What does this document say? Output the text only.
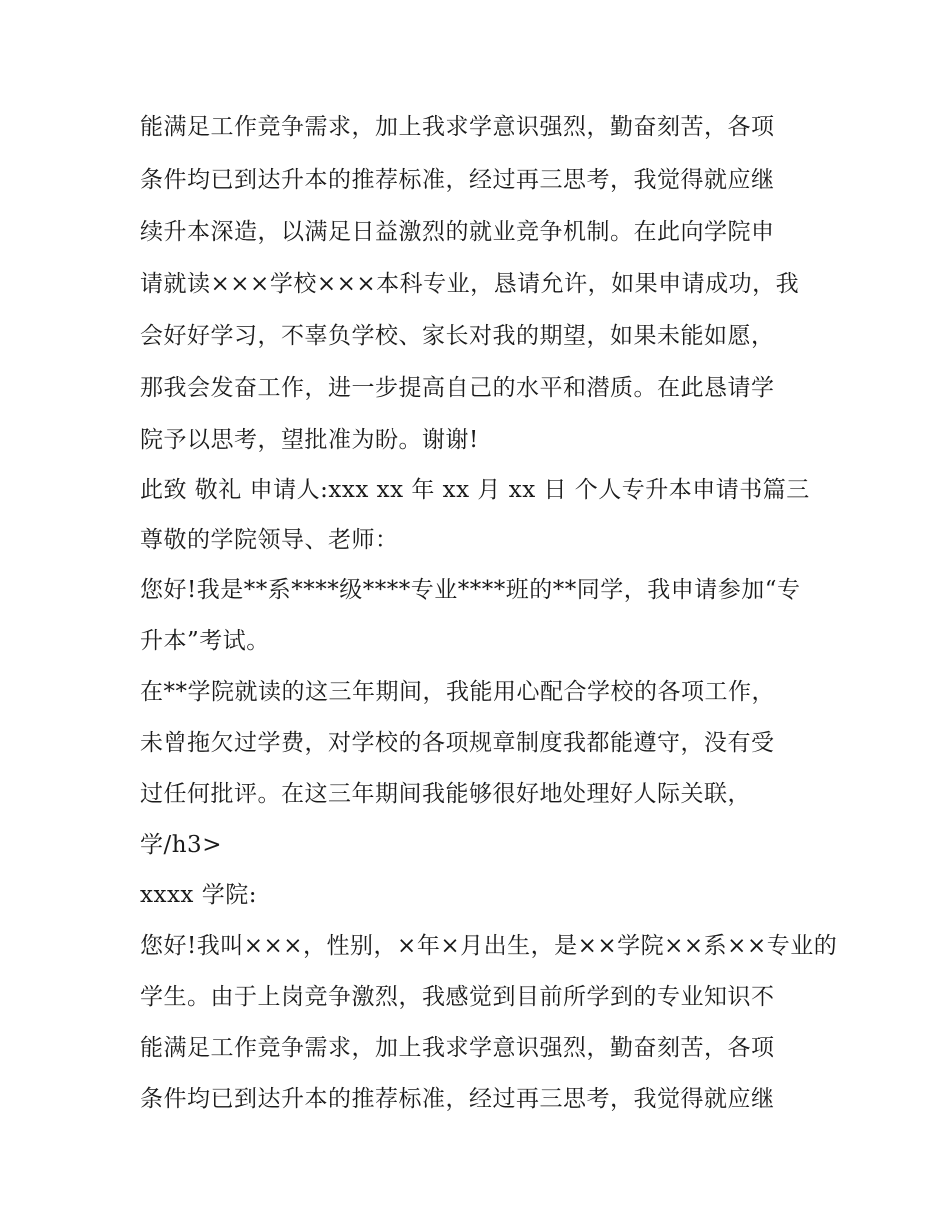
能满足工作竞争需求，加上我求学意识强烈，勤奋刻苦，各项
条件均已到达升本的推荐标准，经过再三思考，我觉得就应继
续升本深造，以满足日益激烈的就业竞争机制。在此向学院申
请就读×××学校×××本科专业，恳请允许，如果申请成功，我
会好好学习，不辜负学校、家长对我的期望，如果未能如愿，
那我会发奋工作，进一步提高自己的水平和潜质。在此恳请学
院予以思考，望批准为盼。谢谢!
此致 敬礼 申请人:xxx xx 年 xx 月 xx 日 个人专升本申请书篇三
尊敬的学院领导、老师：
您好!我是**系****级****专业****班的**同学，我申请参加“专
升本”考试。
在**学院就读的这三年期间，我能用心配合学校的各项工作，
未曾拖欠过学费，对学校的各项规章制度我都能遵守，没有受
过任何批评。在这三年期间我能够很好地处理好人际关联，
学/h3>
xxxx 学院:
您好!我叫×××，性别，×年×月出生，是××学院××系××专业的
学生。由于上岗竞争激烈，我感觉到目前所学到的专业知识不
能满足工作竞争需求，加上我求学意识强烈，勤奋刻苦，各项
条件均已到达升本的推荐标准，经过再三思考，我觉得就应继
